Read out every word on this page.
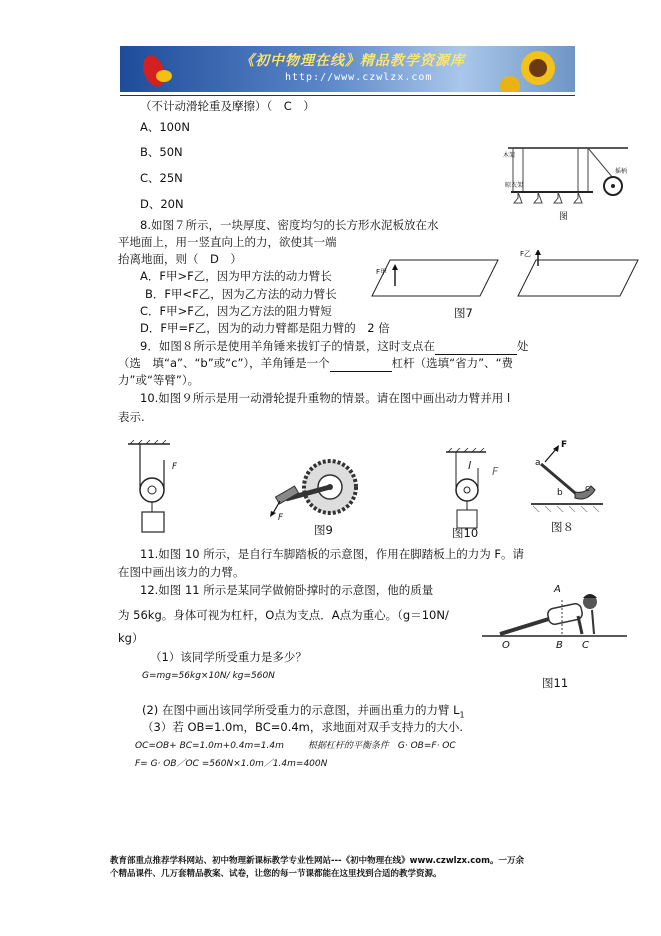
《初中物理在线》精品教学资源库
http://www.czwlzx.com
（不计动滑轮重及摩擦）（　C　）
A、100N
B、50N
C、25N
D、20N
木架
晾衣架
摇柄
图
8.如图７所示，一块厚度、密度均匀的长方形水泥板放在水
平地面上，用一竖直向上的力，欲使其一端
抬离地面，则（　D　）
A．F甲>F乙，因为甲方法的动力臂长
B．F甲<F乙，因为乙方法的动力臂长
C．F甲>F乙，因为乙方法的阻力臂短
D．F甲=F乙，因为的动力臂都是阻力臂的　2 倍
F甲
F乙
图7
9．如图８所示是使用羊角锤来拔钉子的情景，这时支点在	处
（选　填“a”、“b”或“c”），羊角锤是一个	杠杆（选填“省力”、“费
力”或“等臂”）。
10.如图９所示是用一动滑轮提升重物的情景。请在图中画出动力臂并用 l
表示.
F
F
图9
l F
图10
F
a
b c
图８
11.如图 10 所示，是自行车脚踏板的示意图，作用在脚踏板上的力为 F。请
在图中画出该力的力臂。
12.如图 11 所示是某同学做俯卧撑时的示意图，他的质量
为 56kg。身体可视为杠杆，O点为支点．A点为重心。（g＝10N/
kg）
（1）该同学所受重力是多少？
G=mg=56kg×10N/ kg=560N
A
O	B C
图11
(2) 在图中画出该同学所受重力的示意图，并画出重力的力臂 $L_1$
（3）若 OB=1.0m，BC=0.4m，求地面对双手支持力的大小.
OC=OB+ BC=1.0m+0.4m=1.4m	根据杠杆的平衡条件　G· OB=F· OC
F= G· OB／OC =560N×1.0m／1.4m=400N
教育部重点推荐学科网站、初中物理新课标教学专业性网站---《初中物理在线》www.czwlzx.com。一万余
个精品课件、几万套精品教案、试卷，让您的每一节课都能在这里找到合适的教学资源。
